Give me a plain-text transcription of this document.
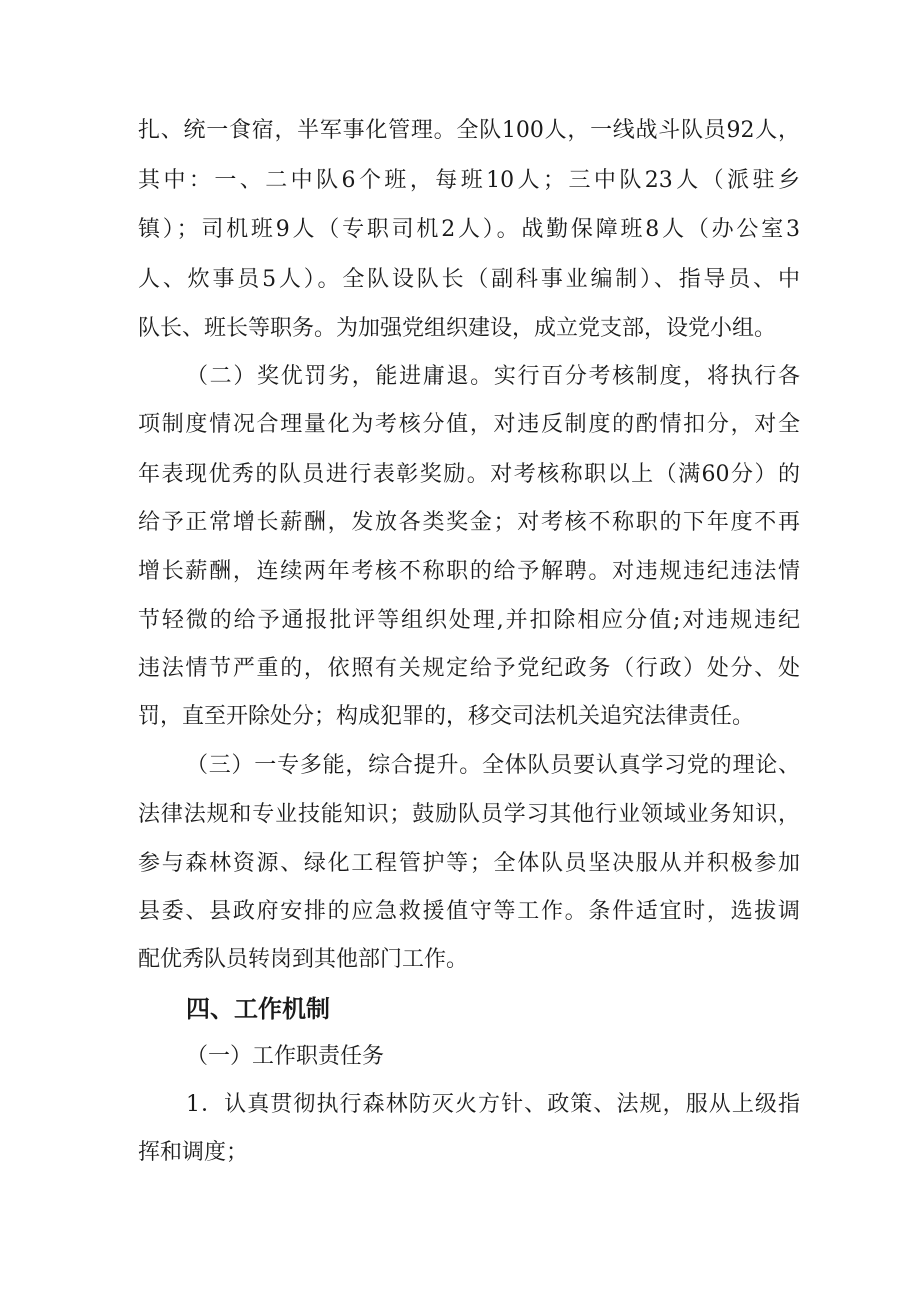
扎、统一食宿，半军事化管理。全队100人，一线战斗队员92人，
其中：一、二中队6个班，每班10人；三中队23人（派驻乡
镇）；司机班9人（专职司机2人）。战勤保障班8人（办公室3
人、炊事员5人）。全队设队长（副科事业编制）、指导员、中
队长、班长等职务。为加强党组织建设，成立党支部，设党小组。
（二）奖优罚劣，能进庸退。实行百分考核制度，将执行各
项制度情况合理量化为考核分值，对违反制度的酌情扣分，对全
年表现优秀的队员进行表彰奖励。对考核称职以上（满60分）的
给予正常增长薪酬，发放各类奖金；对考核不称职的下年度不再
增长薪酬，连续两年考核不称职的给予解聘。对违规违纪违法情
节轻微的给予通报批评等组织处理,并扣除相应分值;对违规违纪
违法情节严重的，依照有关规定给予党纪政务（行政）处分、处
罚，直至开除处分；构成犯罪的，移交司法机关追究法律责任。
（三）一专多能，综合提升。全体队员要认真学习党的理论、
法律法规和专业技能知识；鼓励队员学习其他行业领域业务知识，
参与森林资源、绿化工程管护等；全体队员坚决服从并积极参加
县委、县政府安排的应急救援值守等工作。条件适宜时，选拔调
配优秀队员转岗到其他部门工作。
四、工作机制
（一）工作职责任务
1．认真贯彻执行森林防灭火方针、政策、法规，服从上级指
挥和调度；
